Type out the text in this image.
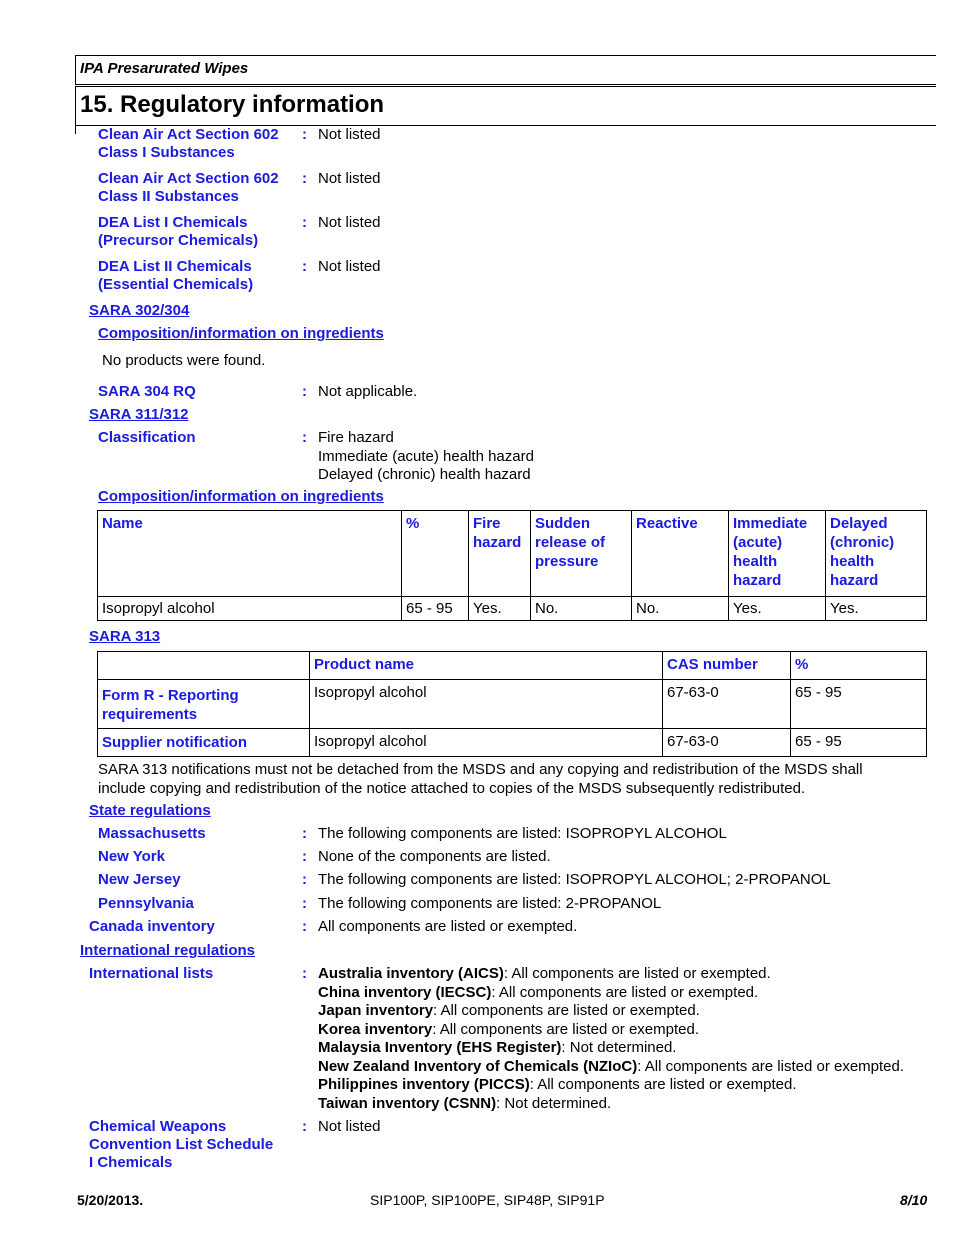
IPA Presarurated Wipes
15. Regulatory information
Clean Air Act Section 602
Class I Substances
: Not listed
Clean Air Act Section 602
Class II Substances
: Not listed
DEA List I Chemicals
(Precursor Chemicals)
: Not listed
DEA List II Chemicals
(Essential Chemicals)
: Not listed
SARA 302/304
Composition/information on ingredients
No products were found.
SARA 304 RQ	: Not applicable.
SARA 311/312
Classification	: Fire hazard
Immediate (acute) health hazard
Delayed (chronic) health hazard
Composition/information on ingredients
Name	%	Fire hazard	Sudden release of pressure	Reactive	Immediate (acute) health hazard	Delayed (chronic) health hazard
Isopropyl alcohol	65 - 95	Yes.	No.	No.	Yes.	Yes.
SARA 313
	Product name	CAS number	%
Form R - Reporting requirements	Isopropyl alcohol	67-63-0	65 - 95
Supplier notification	Isopropyl alcohol	67-63-0	65 - 95
SARA 313 notifications must not be detached from the MSDS and any copying and redistribution of the MSDS shall include copying and redistribution of the notice attached to copies of the MSDS subsequently redistributed.
State regulations
Massachusetts	: The following components are listed: ISOPROPYL ALCOHOL
New York	: None of the components are listed.
New Jersey	: The following components are listed: ISOPROPYL ALCOHOL; 2-PROPANOL
Pennsylvania	: The following components are listed: 2-PROPANOL
Canada inventory	: All components are listed or exempted.
International regulations
International lists	: Australia inventory (AICS): All components are listed or exempted.
China inventory (IECSC): All components are listed or exempted.
Japan inventory: All components are listed or exempted.
Korea inventory: All components are listed or exempted.
Malaysia Inventory (EHS Register): Not determined.
New Zealand Inventory of Chemicals (NZIoC): All components are listed or exempted.
Philippines inventory (PICCS): All components are listed or exempted.
Taiwan inventory (CSNN): Not determined.
Chemical Weapons
Convention List Schedule
I Chemicals
: Not listed
5/20/2013.	SIP100P, SIP100PE, SIP48P, SIP91P	8/10
